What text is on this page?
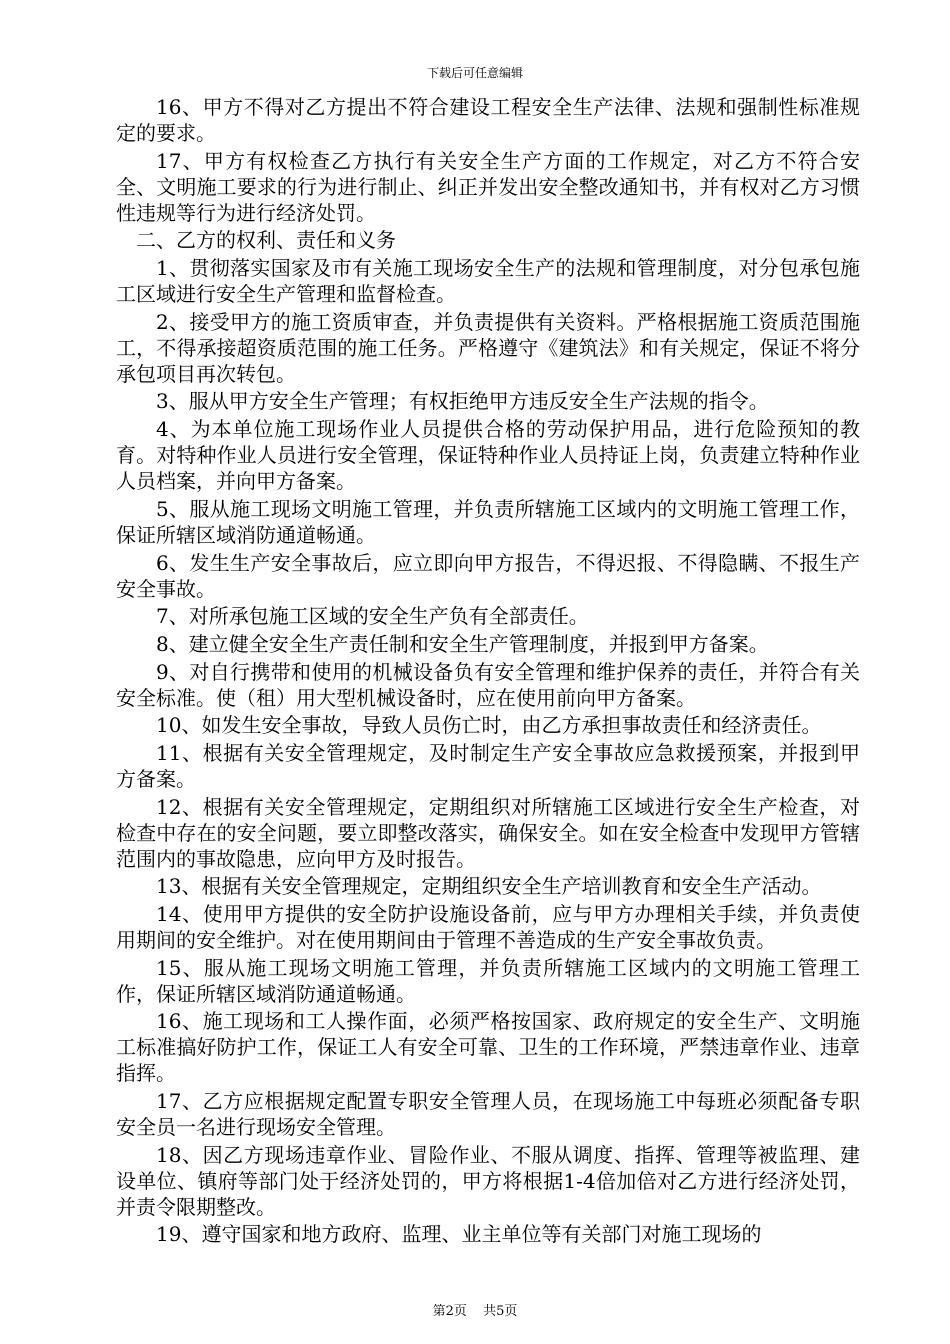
下载后可任意编辑

16、甲方不得对乙方提出不符合建设工程安全生产法律、法规和强制性标准规定的要求。

17、甲方有权检查乙方执行有关安全生产方面的工作规定，对乙方不符合安全、文明施工要求的行为进行制止、纠正并发出安全整改通知书，并有权对乙方习惯性违规等行为进行经济处罚。

二、乙方的权利、责任和义务

1、贯彻落实国家及市有关施工现场安全生产的法规和管理制度，对分包承包施工区域进行安全生产管理和监督检查。

2、接受甲方的施工资质审查，并负责提供有关资料。严格根据施工资质范围施工，不得承接超资质范围的施工任务。严格遵守《建筑法》和有关规定，保证不将分承包项目再次转包。

3、服从甲方安全生产管理；有权拒绝甲方违反安全生产法规的指令。

4、为本单位施工现场作业人员提供合格的劳动保护用品，进行危险预知的教育。对特种作业人员进行安全管理，保证特种作业人员持证上岗，负责建立特种作业人员档案，并向甲方备案。

5、服从施工现场文明施工管理，并负责所辖施工区域内的文明施工管理工作，保证所辖区域消防通道畅通。

6、发生生产安全事故后，应立即向甲方报告，不得迟报、不得隐瞒、不报生产安全事故。

7、对所承包施工区域的安全生产负有全部责任。

8、建立健全安全生产责任制和安全生产管理制度，并报到甲方备案。

9、对自行携带和使用的机械设备负有安全管理和维护保养的责任，并符合有关安全标准。使（租）用大型机械设备时，应在使用前向甲方备案。

10、如发生安全事故，导致人员伤亡时，由乙方承担事故责任和经济责任。

11、根据有关安全管理规定，及时制定生产安全事故应急救援预案，并报到甲方备案。

12、根据有关安全管理规定，定期组织对所辖施工区域进行安全生产检查，对检查中存在的安全问题，要立即整改落实，确保安全。如在安全检查中发现甲方管辖范围内的事故隐患，应向甲方及时报告。

13、根据有关安全管理规定，定期组织安全生产培训教育和安全生产活动。

14、使用甲方提供的安全防护设施设备前，应与甲方办理相关手续，并负责使用期间的安全维护。对在使用期间由于管理不善造成的生产安全事故负责。

15、服从施工现场文明施工管理，并负责所辖施工区域内的文明施工管理工作，保证所辖区域消防通道畅通。

16、施工现场和工人操作面，必须严格按国家、政府规定的安全生产、文明施工标准搞好防护工作，保证工人有安全可靠、卫生的工作环境，严禁违章作业、违章指挥。

17、乙方应根据规定配置专职安全管理人员，在现场施工中每班必须配备专职安全员一名进行现场安全管理。

18、因乙方现场违章作业、冒险作业、不服从调度、指挥、管理等被监理、建设单位、镇府等部门处于经济处罚的，甲方将根据1-4倍加倍对乙方进行经济处罚，并责令限期整改。

19、遵守国家和地方政府、监理、业主单位等有关部门对施工现场的

第2页 共5页
